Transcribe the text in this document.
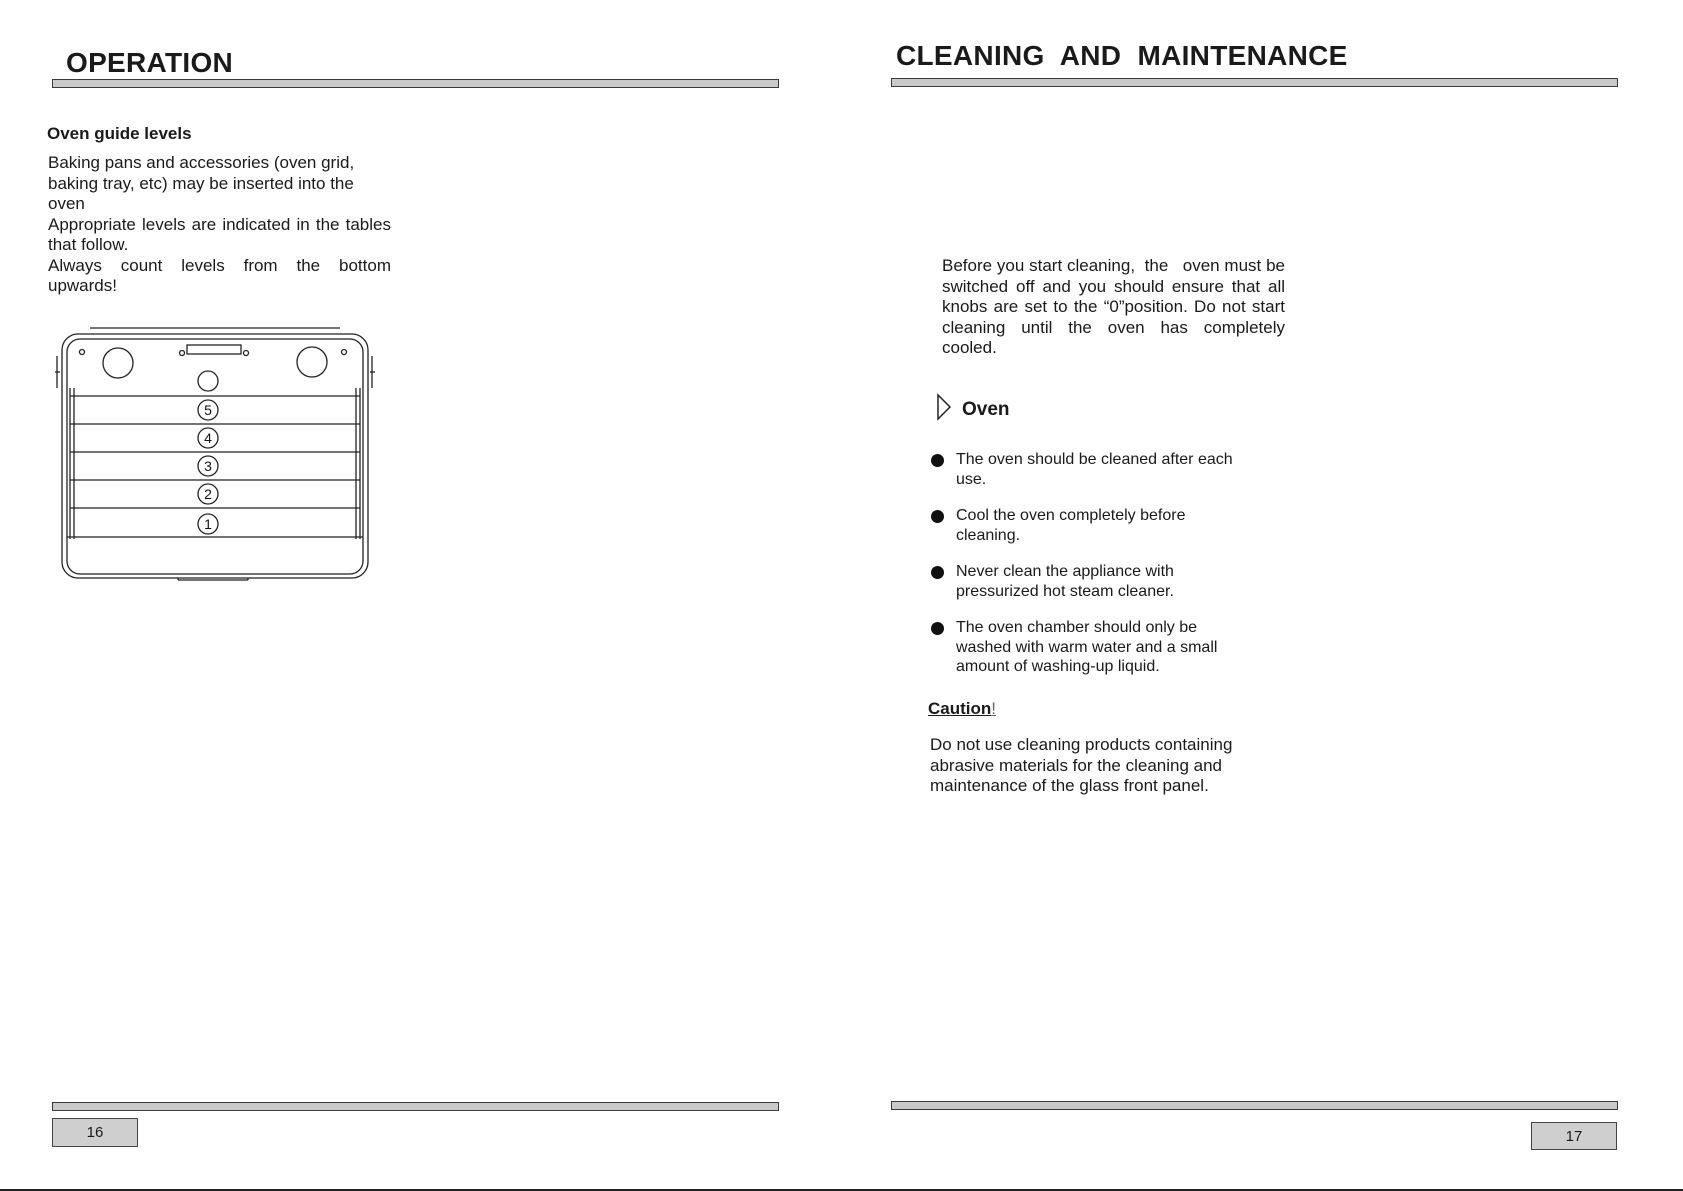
OPERATION
Oven guide levels

Baking pans and accessories (oven grid, baking tray, etc) may be inserted into the oven

Appropriate levels are indicated in the tables that follow.

Always count levels from the bottom upwards!

5
4
3
2
1
16
CLEANING  AND  MAINTENANCE

Before you start cleaning,  the   oven must be switched off and you should ensure that all knobs are set to the “0”position. Do not start cleaning until the oven has completely cooled.

Oven
The oven should be cleaned after each use.
Cool the oven completely before cleaning.
Never clean the appliance with pressurized hot steam cleaner.
The oven chamber should only be washed with warm water and a small amount of washing-up liquid.
Caution!

Do not use cleaning products containing abrasive materials for the cleaning and maintenance of the glass front panel.

17
